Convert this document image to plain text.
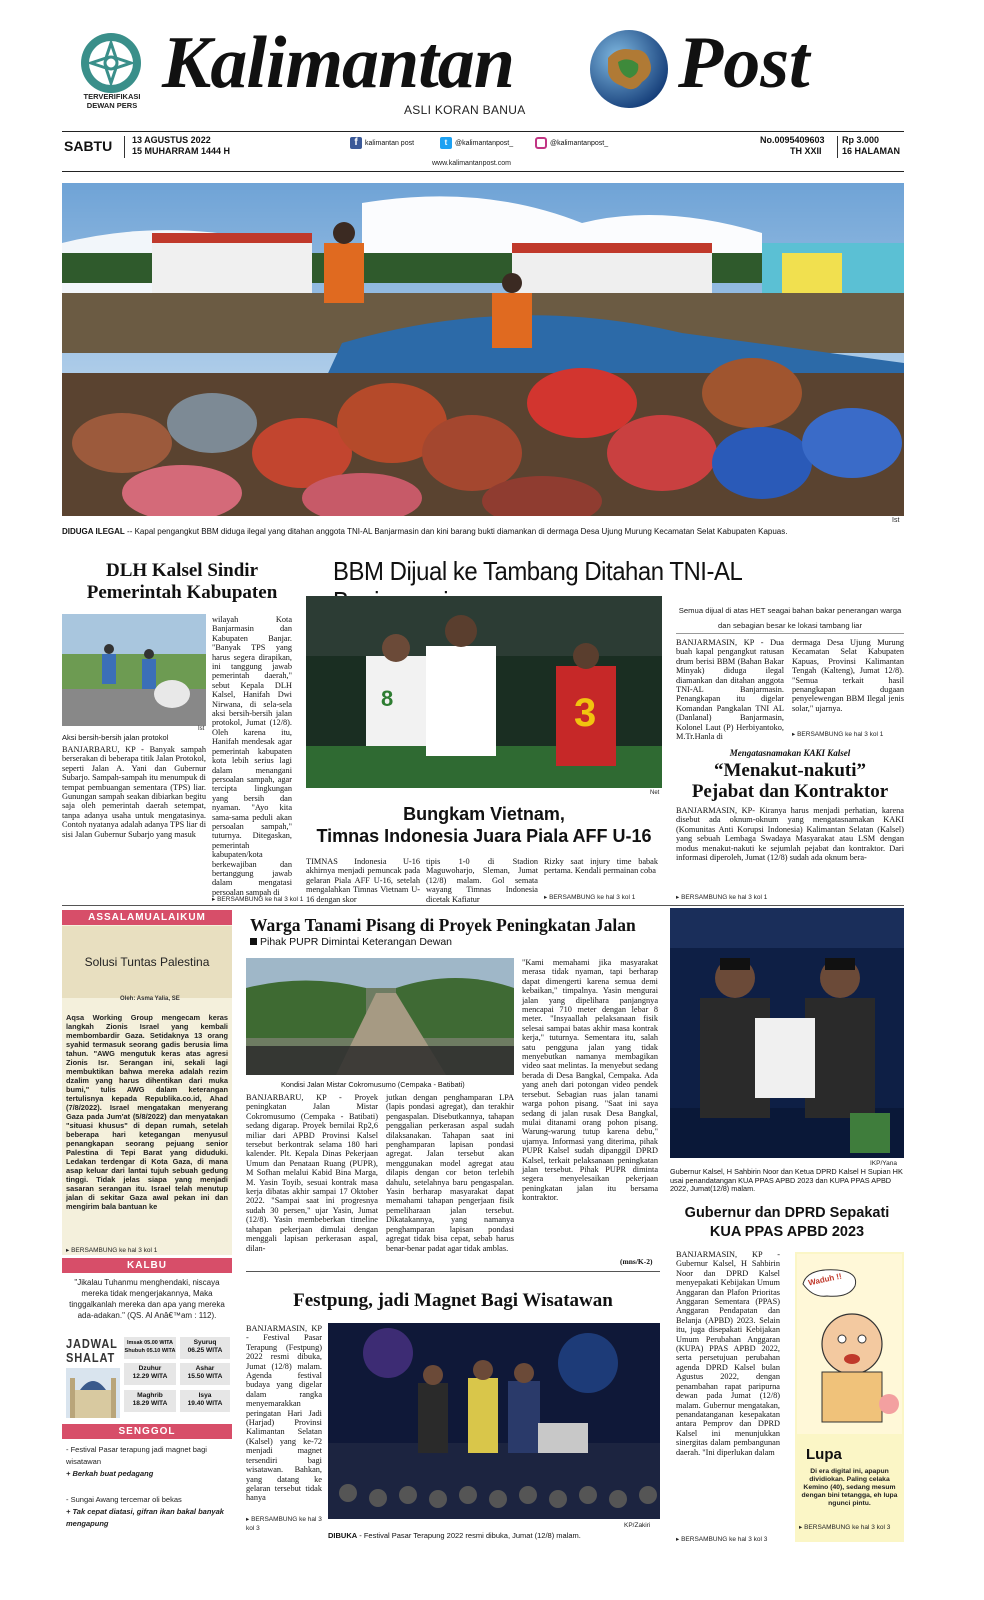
TERVERIFIKASI DEWAN PERS
Kalimantan Post
ASLI KORAN BANUA
SABTU 13 AGUSTUS 2022
15 MUHARRAM 1444 H
f	kalimantan post	t	@kalimantanpost_	@kalimantanpost_
www.kalimantanpost.com
No.0095409603
TH XXII
Rp 3.000
16 HALAMAN
Ist
DIDUGA ILEGAL -- Kapal pengangkut BBM diduga ilegal yang ditahan anggota TNI-AL Banjarmasin dan kini barang bukti diamankan di dermaga Desa Ujung Murung Kecamatan Selat Kabupaten Kapuas.
DLH Kalsel Sindir Pemerintah Kabupaten
Ist
Aksi bersih-bersih jalan protokol
BANJARBARU, KP - Banyak sampah berserakan di beberapa titik Jalan Protokol, seperti Jalan A. Yani dan Gubernur Subarjo. Sampah-sampah itu menumpuk di tempat pembuangan sementara (TPS) liar. Gunungan sampah seakan dibiarkan begitu saja oleh pemerintah daerah setempat, tanpa adanya usaha untuk mengatasinya. Contoh nyatanya adalah adanya TPS liar di sisi Jalan Gubernur Subarjo yang masuk
wilayah Kota Banjarmasin dan Kabupaten Banjar. "Banyak TPS yang harus segera dirapikan, ini tanggung jawab pemerintah daerah," sebut Kepala DLH Kalsel, Hanifah Dwi Nirwana, di sela-sela aksi bersih-bersih jalan protokol, Jumat (12/8). Oleh karena itu, Hanifah mendesak agar pemerintah kabupaten kota lebih serius lagi dalam menangani persoalan sampah, agar tercipta lingkungan yang bersih dan nyaman. "Ayo kita sama-sama peduli akan persoalan sampah," tuturnya. Ditegaskan, pemerintah kabupaten/kota berkewajiban dan bertanggung jawab dalam mengatasi persoalan sampah di
▸ BERSAMBUNG ke hal 3 kol 1
BBM Dijual ke Tambang Ditahan TNI-AL
Semua dijual di atas HET seagai bahan bakar penerangan warga dan sebagian besar ke lokasi tambang liar
BANJARMASIN, KP - Dua buah kapal pengangkut ratusan drum berisi BBM (Bahan Bakar Minyak) diduga ilegal diamankan dan ditahan anggota TNI-AL Banjarmasin. Penangkapan itu digelar Komandan Pangkalan TNI AL (Danlanal) Banjarmasin, Kolonel Laut (P) Herbiyantoko, M.Tr.Hanla di
dermaga Desa Ujung Murung Kecamatan Selat Kabupaten Kapuas, Provinsi Kalimantan Tengah (Kalteng), Jumat 12/8). "Semua terkait hasil penangkapan dugaan penyelewengan BBM Ilegal jenis solar," ujarnya.
▸ BERSAMBUNG ke hal 3 kol 1
3
8
Net
Bungkam Vietnam,
Timnas Indonesia Juara Piala AFF U-16
TIMNAS Indonesia U-16 akhirnya menjadi pemuncak pada gelaran Piala AFF U-16, setelah mengalahkan Timnas Vietnam U-16 dengan skor
tipis 1-0 di Stadion Maguwoharjo, Sleman, Jumat (12/8) malam. Gol semata wayang Timnas Indonesia dicetak Kafiatur
Rizky saat injury time babak pertama. Kendali permainan coba
▸ BERSAMBUNG ke hal 3 kol 1
Mengatasnamakan KAKI Kalsel
“Menakut-nakuti”
Pejabat dan Kontraktor
BANJARMASIN, KP- Kiranya harus menjadi perhatian, karena disebut ada oknum-oknum yang mengatasnamakan KAKI (Komunitas Anti Korupsi Indonesia) Kalimantan Selatan (Kalsel) yang sebuah Lembaga Swadaya Masyarakat atau LSM dengan modus menakut-nakuti ke sejumlah pejabat dan kontraktor. Dari informasi diperoleh, Jumat (12/8) sudah ada oknum bera-
▸ BERSAMBUNG ke hal 3 kol 1
ASSALAMUALAIKUM
Solusi Tuntas Palestina
Oleh: Asma Yalia, SE
Aqsa Working Group mengecam keras langkah Zionis Israel yang kembali membombardir Gaza. Setidaknya 13 orang syahid termasuk seorang gadis berusia lima tahun. "AWG mengutuk keras atas agresi Zionis Isr. Serangan ini, sekali lagi membuktikan bahwa mereka adalah rezim dzalim yang harus dihentikan dari muka bumi," tulis AWG dalam keterangan tertulisnya kepada Republika.co.id, Ahad (7/8/2022). Israel mengatakan menyerang Gaza pada Jum'at (5/8/2022) dan menyatakan "situasi khusus" di depan rumah, setelah beberapa hari ketegangan menyusul penangkapan seorang pejuang senior Palestina di Tepi Barat yang diduduki. Ledakan terdengar di Kota Gaza, di mana asap keluar dari lantai tujuh sebuah gedung tinggi. Tidak jelas siapa yang menjadi sasaran serangan itu. Israel telah menutup jalan di sekitar Gaza awal pekan ini dan mengirim bala bantuan ke
▸ BERSAMBUNG ke hal 3 kol 1
KALBU
"Jikalau Tuhanmu menghendaki, niscaya mereka tidak mengerjakannya, Maka tinggalkanlah mereka dan apa yang mereka ada-adakan." (QS. Al Anâ€™am : 112).
JADWAL
SHALAT
Imsak 05.00 WITA
Shubuh 05.10 WITA
Syuruq
06.25 WITA
Dzuhur
12.29 WITA
Ashar
15.50 WITA
Maghrib
18.29 WITA
Isya
19.40 WITA
SENGGOL
- Festival Pasar terapung jadi magnet bagi wisatawan
+ Berkah buat pedagang
- Sungai Awang tercemar oli bekas
+ Tak cepat diatasi, gifran ikan bakal banyak mengapung
Warga Tanami Pisang di Proyek Peningkatan Jalan
Pihak PUPR Dimintai Keterangan Dewan
Kondisi Jalan Mistar Cokromusumo (Cempaka - Batibati)
BANJARBARU, KP - Proyek peningkatan Jalan Mistar Cokromusumo (Cempaka - Batibati) sedang digarap. Proyek bernilai Rp2,6 miliar dari APBD Provinsi Kalsel tersebut berkontrak selama 180 hari kalender. Plt. Kepala Dinas Pekerjaan Umum dan Penataan Ruang (PUPR), M Sofhan melalui Kabid Bina Marga, M. Yasin Toyib, sesuai kontrak masa kerja dibatas akhir sampai 17 Oktober 2022. "Sampai saat ini progresnya sudah 30 persen," ujar Yasin, Jumat (12/8). Yasin membeberkan timeline tahapan pekerjaan dimulai dengan menggali lapisan perkerasan aspal, dilan-
jutkan dengan penghamparan LPA (lapis pondasi agregat), dan terakhir pengaspalan. Disebutkannya, tahapan penggalian perkerasan aspal sudah dilaksanakan. Tahapan saat ini penghamparan lapisan pondasi agregat. Jalan tersebut akan menggunakan model agregat atau dilapis dengan cor beton terlebih dahulu, setelahnya baru pengaspalan. Yasin berharap masyarakat dapat memahami tahapan pengerjaan fisik pemeliharaan jalan tersebut. Dikatakannya, yang namanya penghamparan lapisan pondasi agregat tidak bisa cepat, sebab harus benar-benar padat agar tidak amblas.
"Kami memahami jika masyarakat merasa tidak nyaman, tapi berharap dapat dimengerti karena semua demi kebaikan," timpalnya. Yasin mengurai jalan yang dipelihara panjangnya mencapai 710 meter dengan lebar 8 meter. "Insyaallah pelaksanaan fisik selesai sampai batas akhir masa kontrak kerja," tuturnya. Sementara itu, salah satu pengguna jalan yang tidak menyebutkan namanya membagikan video saat melintas. Ia menyebut sedang berada di Desa Bangkal, Cempaka. Ada yang aneh dari potongan video pendek tersebut. Sebagian ruas jalan tanami warga pohon pisang. "Saat ini saya sedang di jalan rusak Desa Bangkal, mulai ditanami orang pohon pisang. Warung-warung tutup karena debu," ujarnya. Informasi yang diterima, pihak PUPR Kalsel sudah dipanggil DPRD Kalsel, terkait pelaksanaan peningkatan jalan tersebut. Pihak PUPR diminta segera menyelesaikan pekerjaan peningkatan jalan itu bersama kontraktor.
(mns/K-2)
Festpung, jadi Magnet Bagi Wisatawan
BANJARMASIN, KP - Festival Pasar Terapung (Festpung) 2022 resmi dibuka, Jumat (12/8) malam. Agenda festival budaya yang digelar dalam rangka menyemarakkan peringatan Hari Jadi (Harjad) Provinsi Kalimantan Selatan (Kalsel) yang ke-72 menjadi magnet tersendiri bagi wisatawan. Bahkan, yang datang ke gelaran tersebut tidak hanya
▸ BERSAMBUNG ke hal 3 kol 3	KP/Zakiri
DIBUKA - Festival Pasar Terapung 2022 resmi dibuka, Jumat (12/8) malam.
IKP/Yana
Gubernur Kalsel, H Sahbirin Noor dan Ketua DPRD Kalsel H Supian HK usai penandatangan KUA PPAS APBD 2023 dan KUPA PPAS APBD 2022, Jumat(12/8) malam.
Gubernur dan DPRD Sepakati
KUA PPAS APBD 2023
BANJARMASIN, KP - Gubernur Kalsel, H Sahbirin Noor dan DPRD Kalsel menyepakati Kebijakan Umum Anggaran dan Plafon Prioritas Anggaran Sementara (PPAS) Anggaran Pendapatan dan Belanja (APBD) 2023. Selain itu, juga disepakati Kebijakan Umum Perubahan Anggaran (KUPA) PPAS APBD 2022, serta persetujuan perubahan agenda DPRD Kalsel bulan Agustus 2022, dengan penambahan rapat paripurna dewan pada Jumat (12/8) malam. Gubernur mengatakan, penandatanganan kesepakatan antara Pemprov dan DPRD Kalsel ini menunjukkan sinergitas dalam pembangunan daerah. "Ini diperlukan dalam
▸ BERSAMBUNG ke hal 3 kol 3
Waduh !!
Lupa
Di era digital ini, apapun dividiokan. Paling celaka Kemino (40), sedang mesum dengan bini tetangga, eh lupa ngunci pintu.
▸ BERSAMBUNG ke hal 3 kol 3
